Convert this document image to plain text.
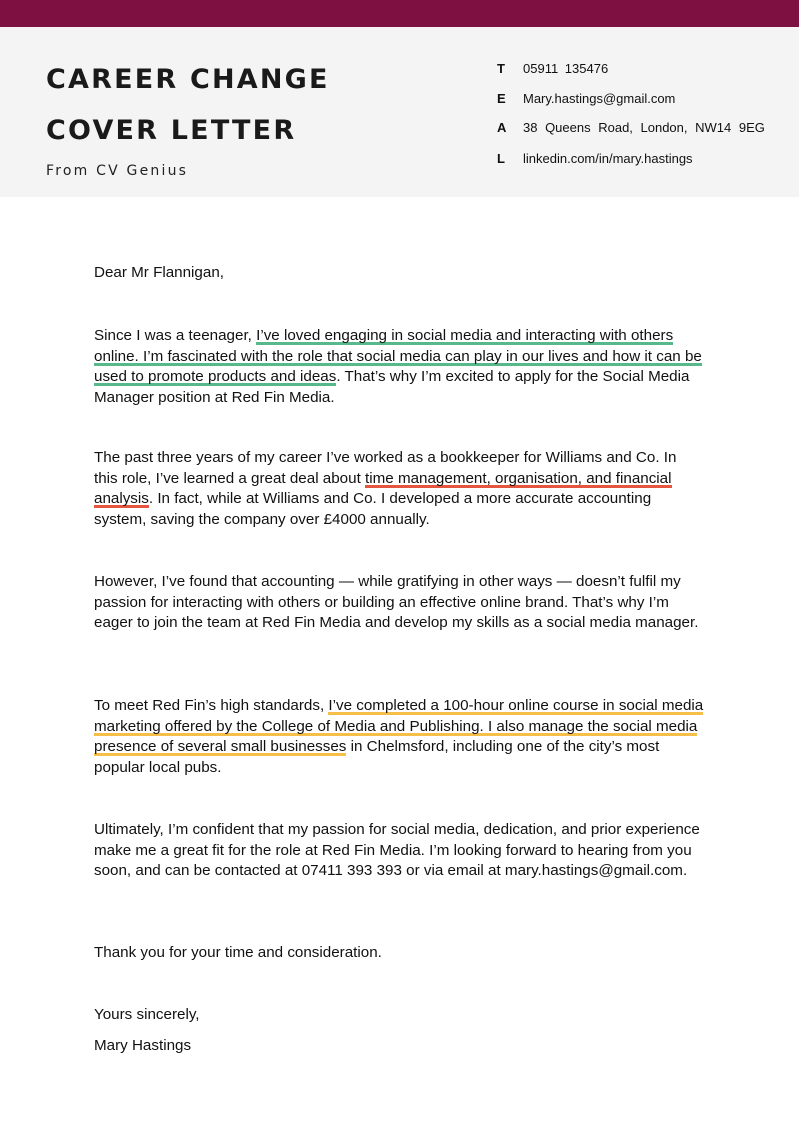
CAREER CHANGE
COVER LETTER
From CV Genius
T	05911 135476
E	Mary.hastings@gmail.com
A	38 Queens Road, London, NW14 9EG
L	linkedin.com/in/mary.hastings

Dear Mr Flannigan,

Since I was a teenager, I’ve loved engaging in social media and interacting with others online. I’m fascinated with the role that social media can play in our lives and how it can be used to promote products and ideas. That’s why I’m excited to apply for the Social Media Manager position at Red Fin Media.

The past three years of my career I’ve worked as a bookkeeper for Williams and Co. In this role, I’ve learned a great deal about time management, organisation, and financial analysis. In fact, while at Williams and Co. I developed a more accurate accounting system, saving the company over £4000 annually.

However, I’ve found that accounting — while gratifying in other ways — doesn’t fulfil my passion for interacting with others or building an effective online brand. That’s why I’m eager to join the team at Red Fin Media and develop my skills as a social media manager.

To meet Red Fin’s high standards, I’ve completed a 100-hour online course in social media marketing offered by the College of Media and Publishing. I also manage the social media presence of several small businesses in Chelmsford, including one of the city’s most popular local pubs.

Ultimately, I’m confident that my passion for social media, dedication, and prior experience make me a great fit for the role at Red Fin Media. I’m looking forward to hearing from you soon, and can be contacted at 07411 393 393 or via email at mary.hastings@gmail.com.

Thank you for your time and consideration.

Yours sincerely,

Mary Hastings
